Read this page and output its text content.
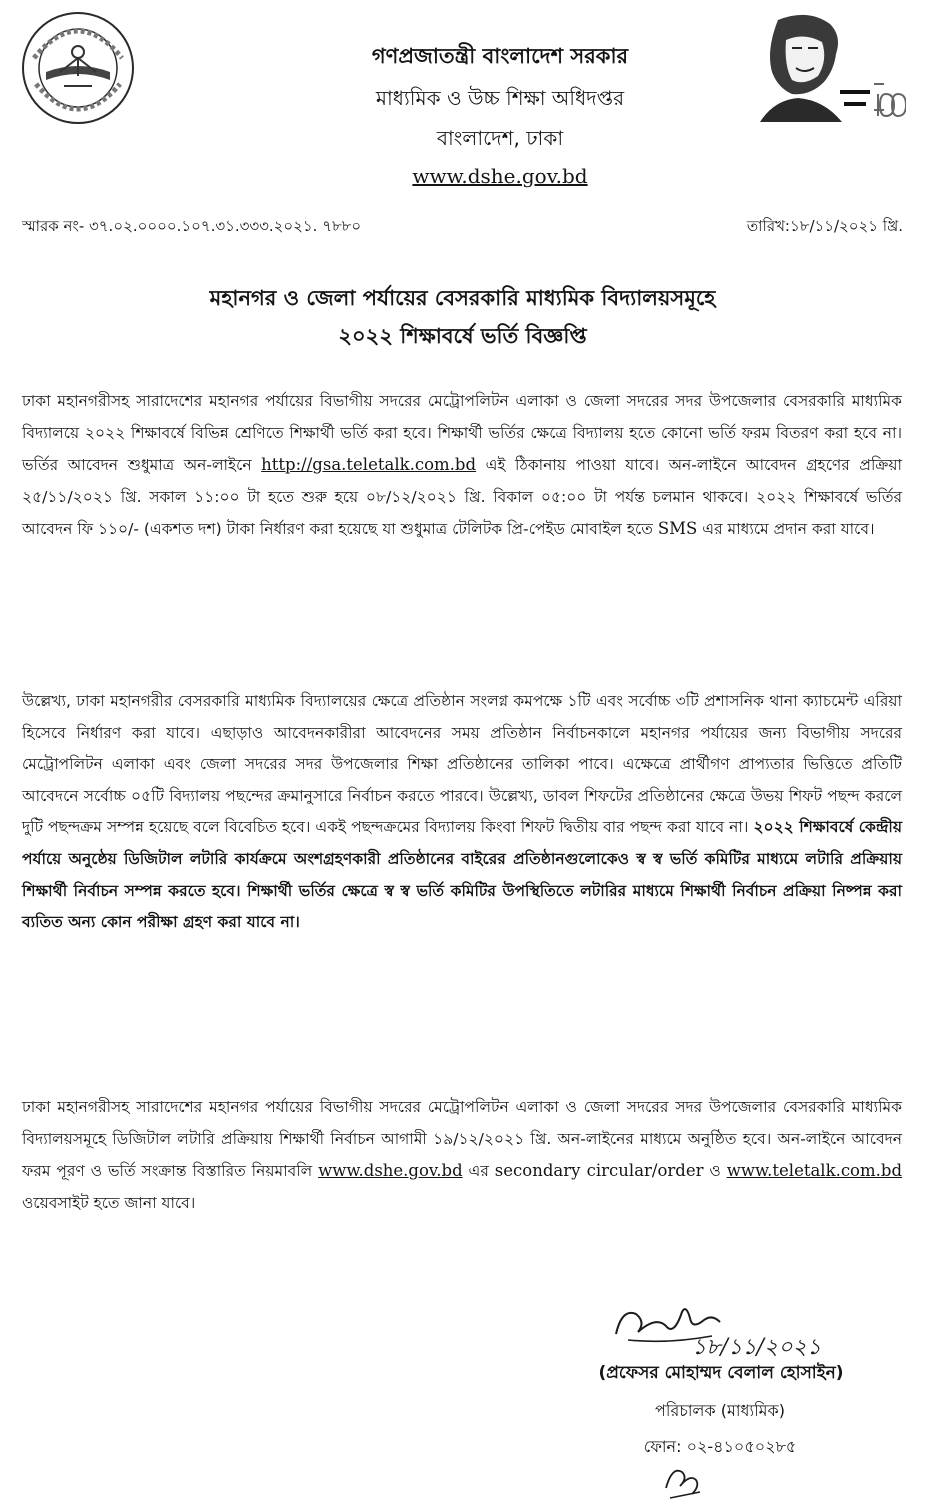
গণপ্রজাতন্ত্রী বাংলাদেশ সরকার
মাধ্যমিক ও উচ্চ শিক্ষা অধিদপ্তর
বাংলাদেশ, ঢাকা
www.dshe.gov.bd
স্মারক নং- ৩৭.০২.০০০০.১০৭.৩১.৩৩৩.২০২১. ৭৮৮০	তারিখ:১৮/১১/২০২১ খ্রি.
মহানগর ও জেলা পর্যায়ের বেসরকারি মাধ্যমিক বিদ্যালয়সমূহে
২০২২ শিক্ষাবর্ষে ভর্তি বিজ্ঞপ্তি

ঢাকা মহানগরীসহ সারাদেশের মহানগর পর্যায়ের বিভাগীয় সদরের মেট্রোপলিটন এলাকা ও জেলা সদরের সদর উপজেলার বেসরকারি মাধ্যমিক বিদ্যালয়ে ২০২২ শিক্ষাবর্ষে বিভিন্ন শ্রেণিতে শিক্ষার্থী ভর্তি করা হবে। শিক্ষার্থী ভর্তির ক্ষেত্রে বিদ্যালয় হতে কোনো ভর্তি ফরম বিতরণ করা হবে না। ভর্তির আবেদন শুধুমাত্র অন-লাইনে http://gsa.teletalk.com.bd এই ঠিকানায় পাওয়া যাবে। অন-লাইনে আবেদন গ্রহণের প্রক্রিয়া ২৫/১১/২০২১ খ্রি. সকাল ১১:০০ টা হতে শুরু হয়ে ০৮/১২/২০২১ খ্রি. বিকাল ০৫:০০ টা পর্যন্ত চলমান থাকবে। ২০২২ শিক্ষাবর্ষে ভর্তির আবেদন ফি ১১০/- (একশত দশ) টাকা নির্ধারণ করা হয়েছে যা শুধুমাত্র টেলিটক প্রি-পেইড মোবাইল হতে SMS এর মাধ্যমে প্রদান করা যাবে।

উল্লেখ্য, ঢাকা মহানগরীর বেসরকারি মাধ্যমিক বিদ্যালয়ের ক্ষেত্রে প্রতিষ্ঠান সংলগ্ন কমপক্ষে ১টি এবং সর্বোচ্চ ৩টি প্রশাসনিক থানা ক্যাচমেন্ট এরিয়া হিসেবে নির্ধারণ করা যাবে। এছাড়াও আবেদনকারীরা আবেদনের সময় প্রতিষ্ঠান নির্বাচনকালে মহানগর পর্যায়ের জন্য বিভাগীয় সদরের মেট্রোপলিটন এলাকা এবং জেলা সদরের সদর উপজেলার শিক্ষা প্রতিষ্ঠানের তালিকা পাবে। এক্ষেত্রে প্রার্থীগণ প্রাপ্যতার ভিত্তিতে প্রতিটি আবেদনে সর্বোচ্চ ০৫টি বিদ্যালয় পছন্দের ক্রমানুসারে নির্বাচন করতে পারবে। উল্লেখ্য, ডাবল শিফটের প্রতিষ্ঠানের ক্ষেত্রে উভয় শিফট পছন্দ করলে দুটি পছন্দক্রম সম্পন্ন হয়েছে বলে বিবেচিত হবে। একই পছন্দক্রমের বিদ্যালয় কিংবা শিফট দ্বিতীয় বার পছন্দ করা যাবে না। ২০২২ শিক্ষাবর্ষে কেন্দ্রীয় পর্যায়ে অনুষ্ঠেয় ডিজিটাল লটারি কার্যক্রমে অংশগ্রহণকারী প্রতিষ্ঠানের বাইরের প্রতিষ্ঠানগুলোকেও স্ব স্ব ভর্তি কমিটির মাধ্যমে লটারি প্রক্রিয়ায় শিক্ষার্থী নির্বাচন সম্পন্ন করতে হবে। শিক্ষার্থী ভর্তির ক্ষেত্রে স্ব স্ব ভর্তি কমিটির উপস্থিতিতে লটারির মাধ্যমে শিক্ষার্থী নির্বাচন প্রক্রিয়া নিষ্পন্ন করা ব্যতিত অন্য কোন পরীক্ষা গ্রহণ করা যাবে না।

ঢাকা মহানগরীসহ সারাদেশের মহানগর পর্যায়ের বিভাগীয় সদরের মেট্রোপলিটন এলাকা ও জেলা সদরের সদর উপজেলার বেসরকারি মাধ্যমিক বিদ্যালয়সমূহে ডিজিটাল লটারি প্রক্রিয়ায় শিক্ষার্থী নির্বাচন আগামী ১৯/১২/২০২১ খ্রি. অন-লাইনের মাধ্যমে অনুষ্ঠিত হবে। অন-লাইনে আবেদন ফরম পূরণ ও ভর্তি সংক্রান্ত বিস্তারিত নিয়মাবলি www.dshe.gov.bd এর secondary circular/order ও www.teletalk.com.bd ওয়েবসাইট হতে জানা যাবে।

১৮/১১/২০২১
(প্রফেসর মোহাম্মদ বেলাল হোসাইন)
পরিচালক (মাধ্যমিক)
ফোন: ০২-৪১০৫০২৮৫
